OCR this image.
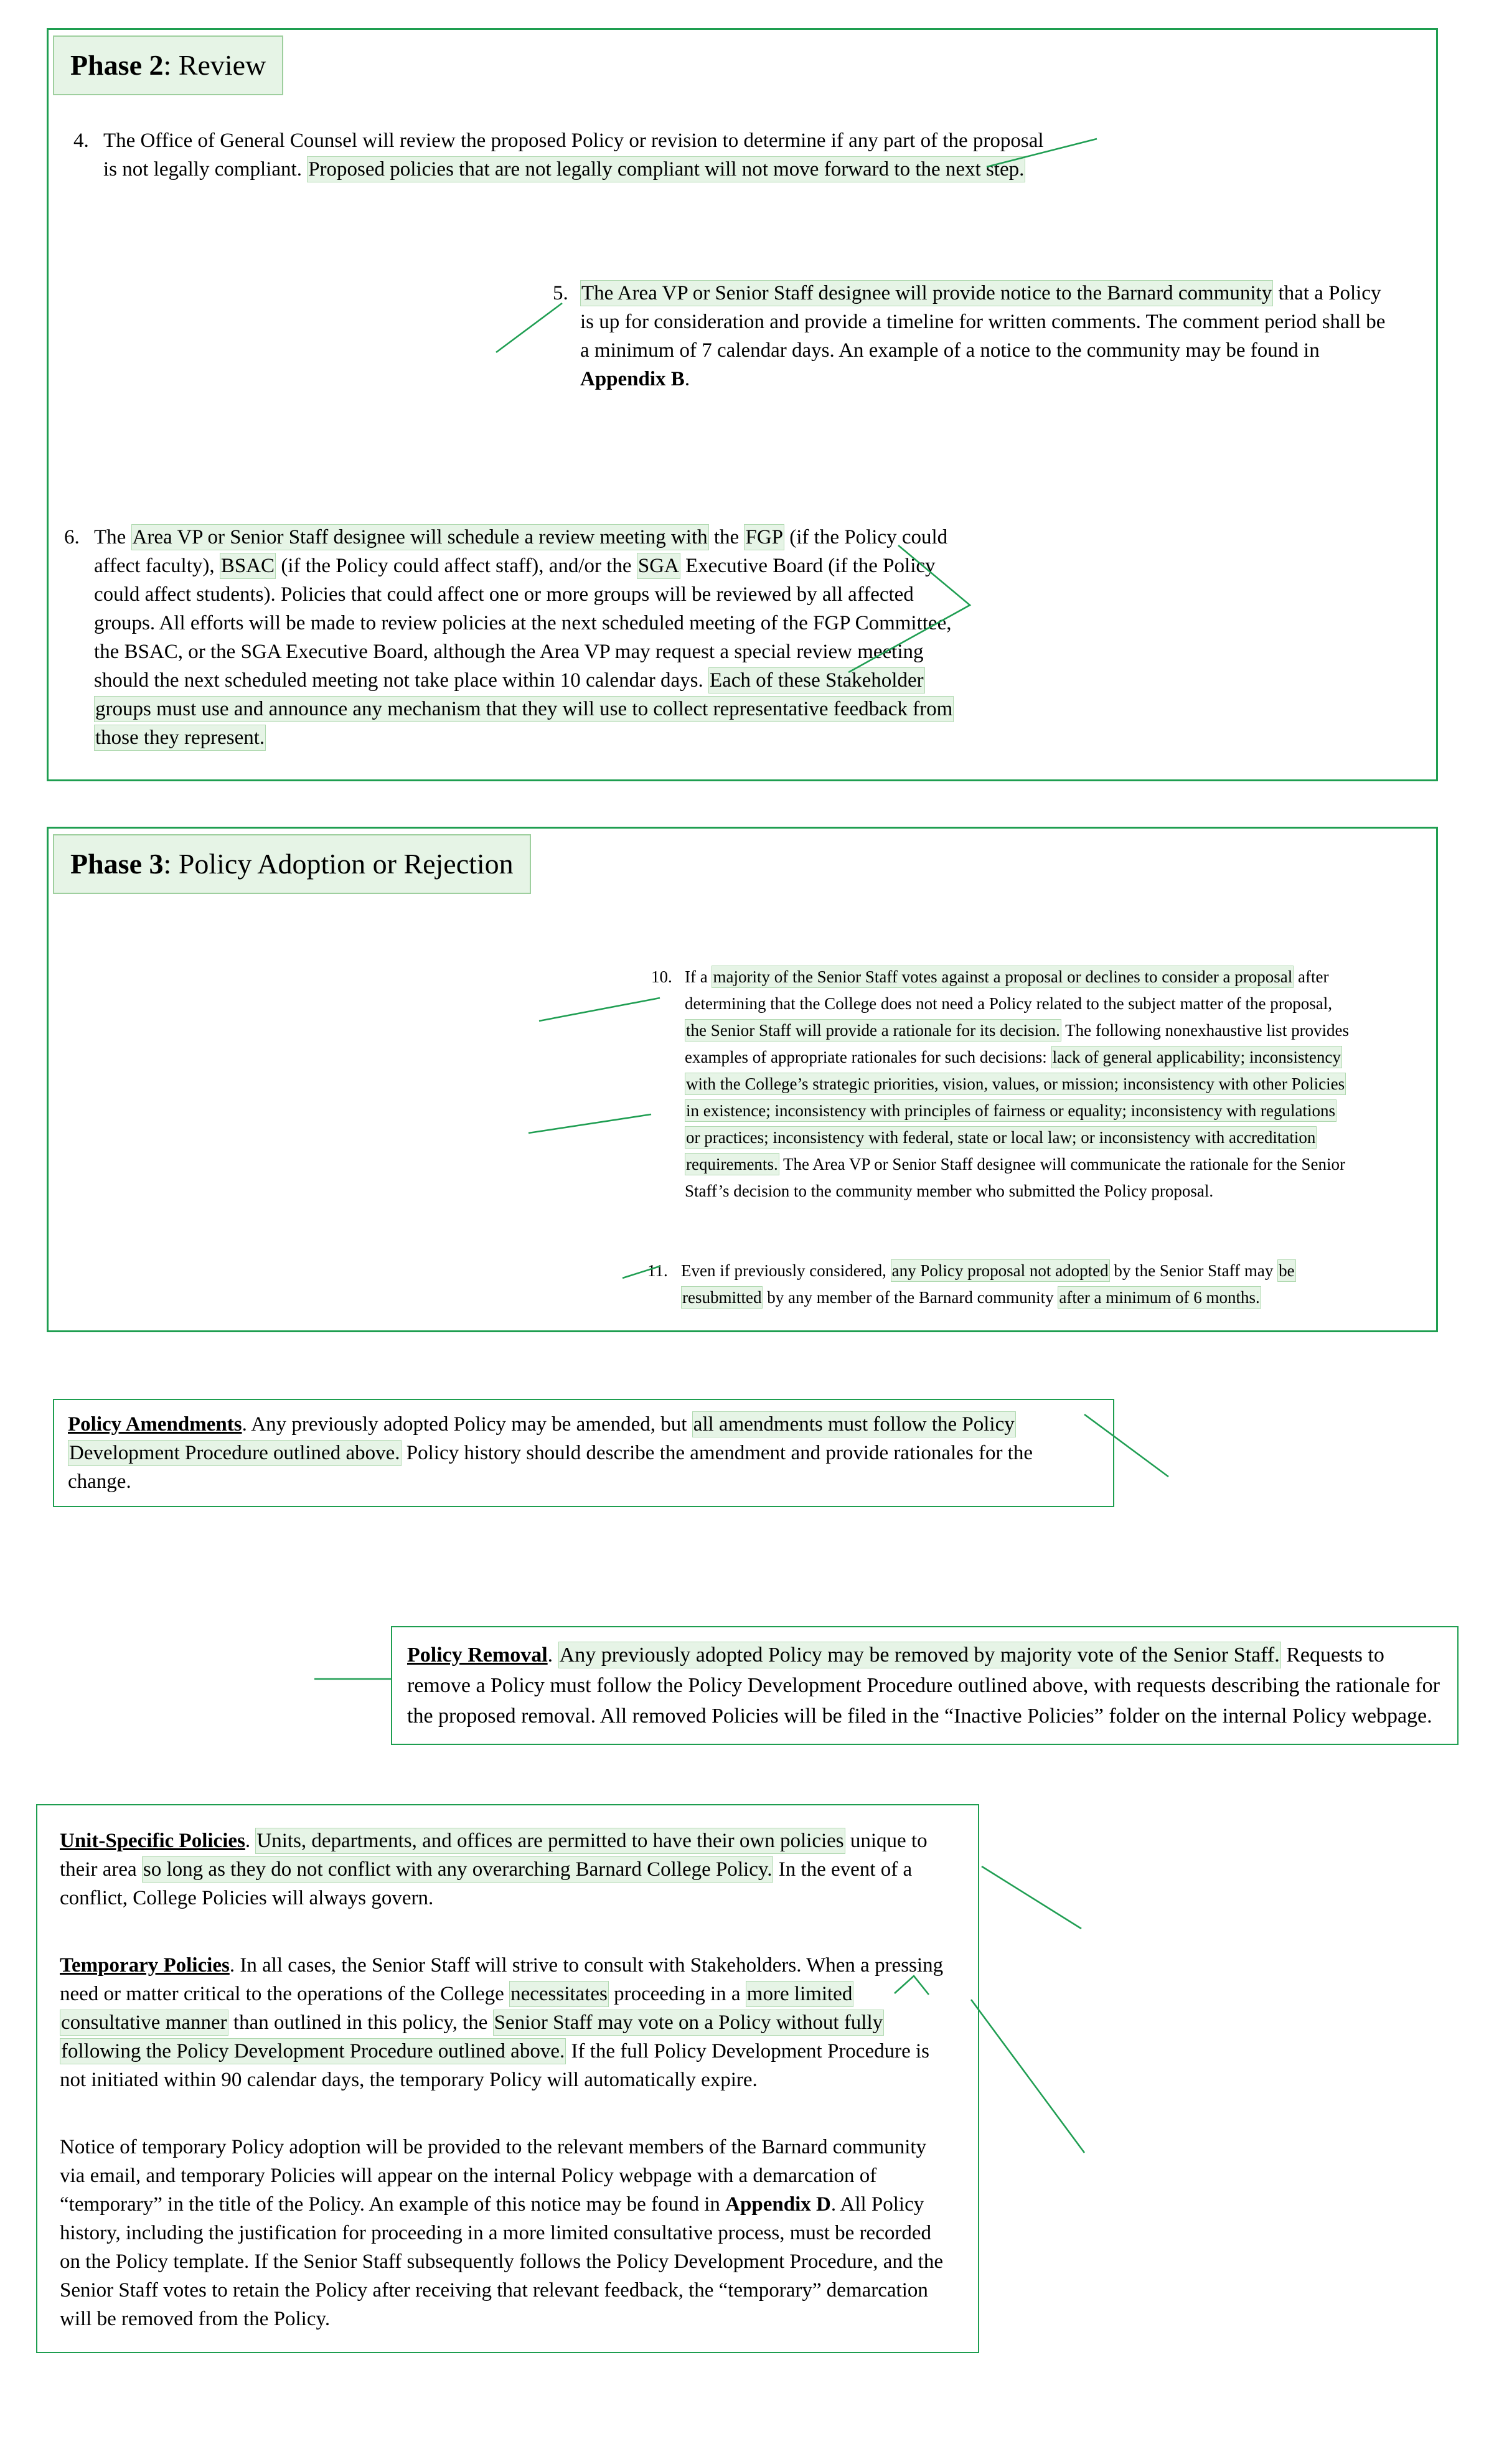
Phase 2: Review
4. The Office of General Counsel will review the proposed Policy or revision to determine if any part of the proposal is not legally compliant. Proposed policies that are not legally compliant will not move forward to the next step.
5. The Area VP or Senior Staff designee will provide notice to the Barnard community that a Policy is up for consideration and provide a timeline for written comments. The comment period shall be a minimum of 7 calendar days. An example of a notice to the community may be found in Appendix B.
6. The Area VP or Senior Staff designee will schedule a review meeting with the FGP (if the Policy could affect faculty), BSAC (if the Policy could affect staff), and/or the SGA Executive Board (if the Policy could affect students). Policies that could affect one or more groups will be reviewed by all affected groups. All efforts will be made to review policies at the next scheduled meeting of the FGP Committee, the BSAC, or the SGA Executive Board, although the Area VP may request a special review meeting should the next scheduled meeting not take place within 10 calendar days. Each of these Stakeholder groups must use and announce any mechanism that they will use to collect representative feedback from those they represent.
Phase 3: Policy Adoption or Rejection
10. If a majority of the Senior Staff votes against a proposal or declines to consider a proposal after determining that the College does not need a Policy related to the subject matter of the proposal, the Senior Staff will provide a rationale for its decision. The following nonexhaustive list provides examples of appropriate rationales for such decisions: lack of general applicability; inconsistency with the College’s strategic priorities, vision, values, or mission; inconsistency with other Policies in existence; inconsistency with principles of fairness or equality; inconsistency with regulations or practices; inconsistency with federal, state or local law; or inconsistency with accreditation requirements. The Area VP or Senior Staff designee will communicate the rationale for the Senior Staff’s decision to the community member who submitted the Policy proposal.
11. Even if previously considered, any Policy proposal not adopted by the Senior Staff may be resubmitted by any member of the Barnard community after a minimum of 6 months.
Policy Amendments. Any previously adopted Policy may be amended, but all amendments must follow the Policy Development Procedure outlined above. Policy history should describe the amendment and provide rationales for the change.
Policy Removal. Any previously adopted Policy may be removed by majority vote of the Senior Staff. Requests to remove a Policy must follow the Policy Development Procedure outlined above, with requests describing the rationale for the proposed removal. All removed Policies will be filed in the “Inactive Policies” folder on the internal Policy webpage.
Unit-Specific Policies. Units, departments, and offices are permitted to have their own policies unique to their area so long as they do not conflict with any overarching Barnard College Policy. In the event of a conflict, College Policies will always govern.
Temporary Policies. In all cases, the Senior Staff will strive to consult with Stakeholders. When a pressing need or matter critical to the operations of the College necessitates proceeding in a more limited consultative manner than outlined in this policy, the Senior Staff may vote on a Policy without fully following the Policy Development Procedure outlined above. If the full Policy Development Procedure is not initiated within 90 calendar days, the temporary Policy will automatically expire.
Notice of temporary Policy adoption will be provided to the relevant members of the Barnard community via email, and temporary Policies will appear on the internal Policy webpage with a demarcation of “temporary” in the title of the Policy. An example of this notice may be found in Appendix D. All Policy history, including the justification for proceeding in a more limited consultative process, must be recorded on the Policy template. If the Senior Staff subsequently follows the Policy Development Procedure, and the Senior Staff votes to retain the Policy after receiving that relevant feedback, the “temporary” demarcation will be removed from the Policy.
